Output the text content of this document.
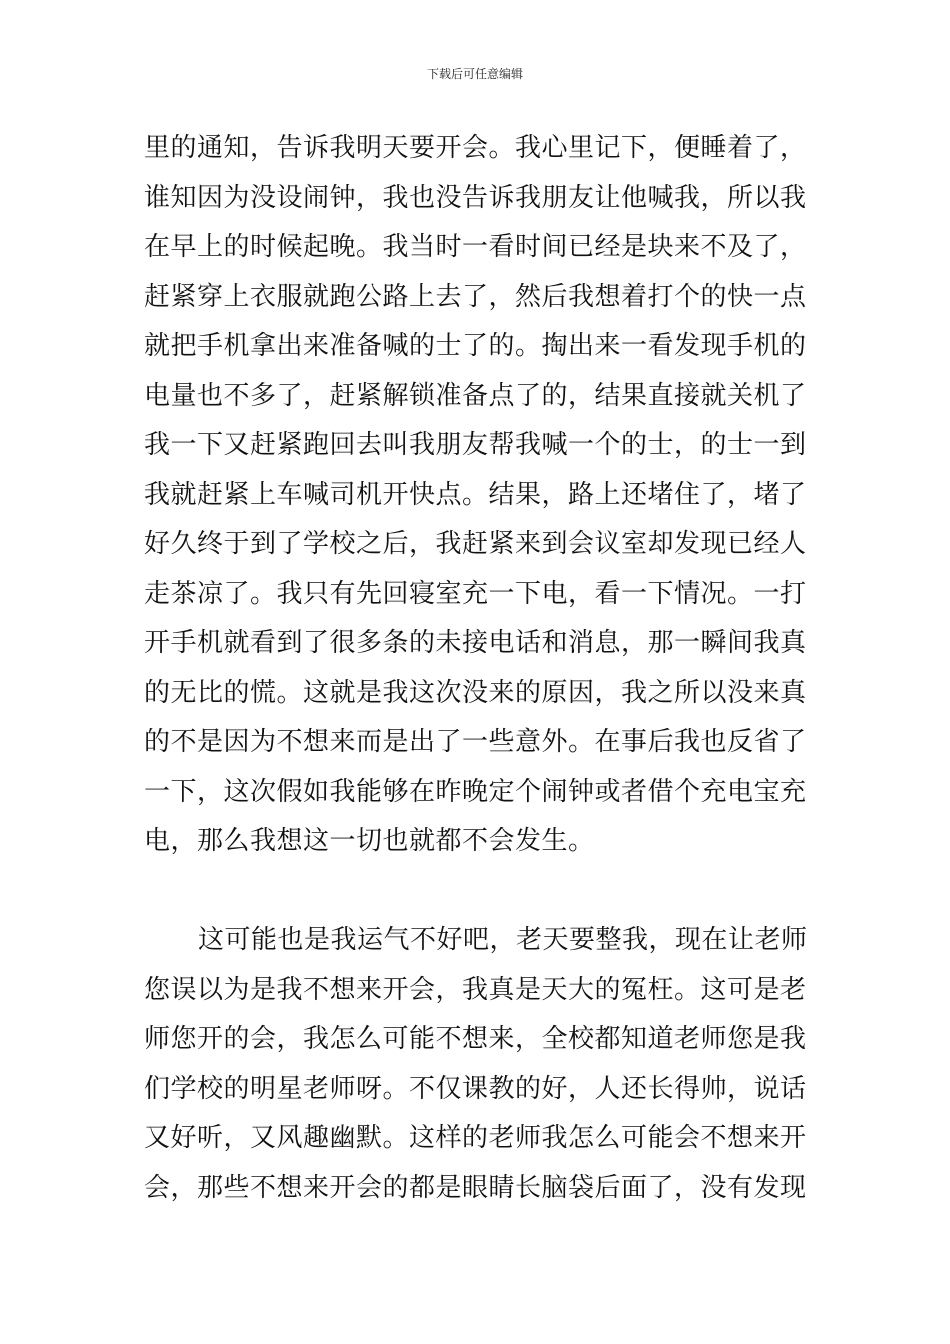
下载后可任意编辑
里的通知，告诉我明天要开会。我心里记下，便睡着了，
谁知因为没设闹钟，我也没告诉我朋友让他喊我，所以我
在早上的时候起晚。我当时一看时间已经是块来不及了，
赶紧穿上衣服就跑公路上去了，然后我想着打个的快一点
就把手机拿出来准备喊的士了的。掏出来一看发现手机的
电量也不多了，赶紧解锁准备点了的，结果直接就关机了
我一下又赶紧跑回去叫我朋友帮我喊一个的士，的士一到
我就赶紧上车喊司机开快点。结果，路上还堵住了，堵了
好久终于到了学校之后，我赶紧来到会议室却发现已经人
走茶凉了。我只有先回寝室充一下电，看一下情况。一打
开手机就看到了很多条的未接电话和消息，那一瞬间我真
的无比的慌。这就是我这次没来的原因，我之所以没来真
的不是因为不想来而是出了一些意外。在事后我也反省了
一下，这次假如我能够在昨晚定个闹钟或者借个充电宝充
电，那么我想这一切也就都不会发生。
这可能也是我运气不好吧，老天要整我，现在让老师
您误以为是我不想来开会，我真是天大的冤枉。这可是老
师您开的会，我怎么可能不想来，全校都知道老师您是我
们学校的明星老师呀。不仅课教的好，人还长得帅，说话
又好听，又风趣幽默。这样的老师我怎么可能会不想来开
会，那些不想来开会的都是眼睛长脑袋后面了，没有发现
